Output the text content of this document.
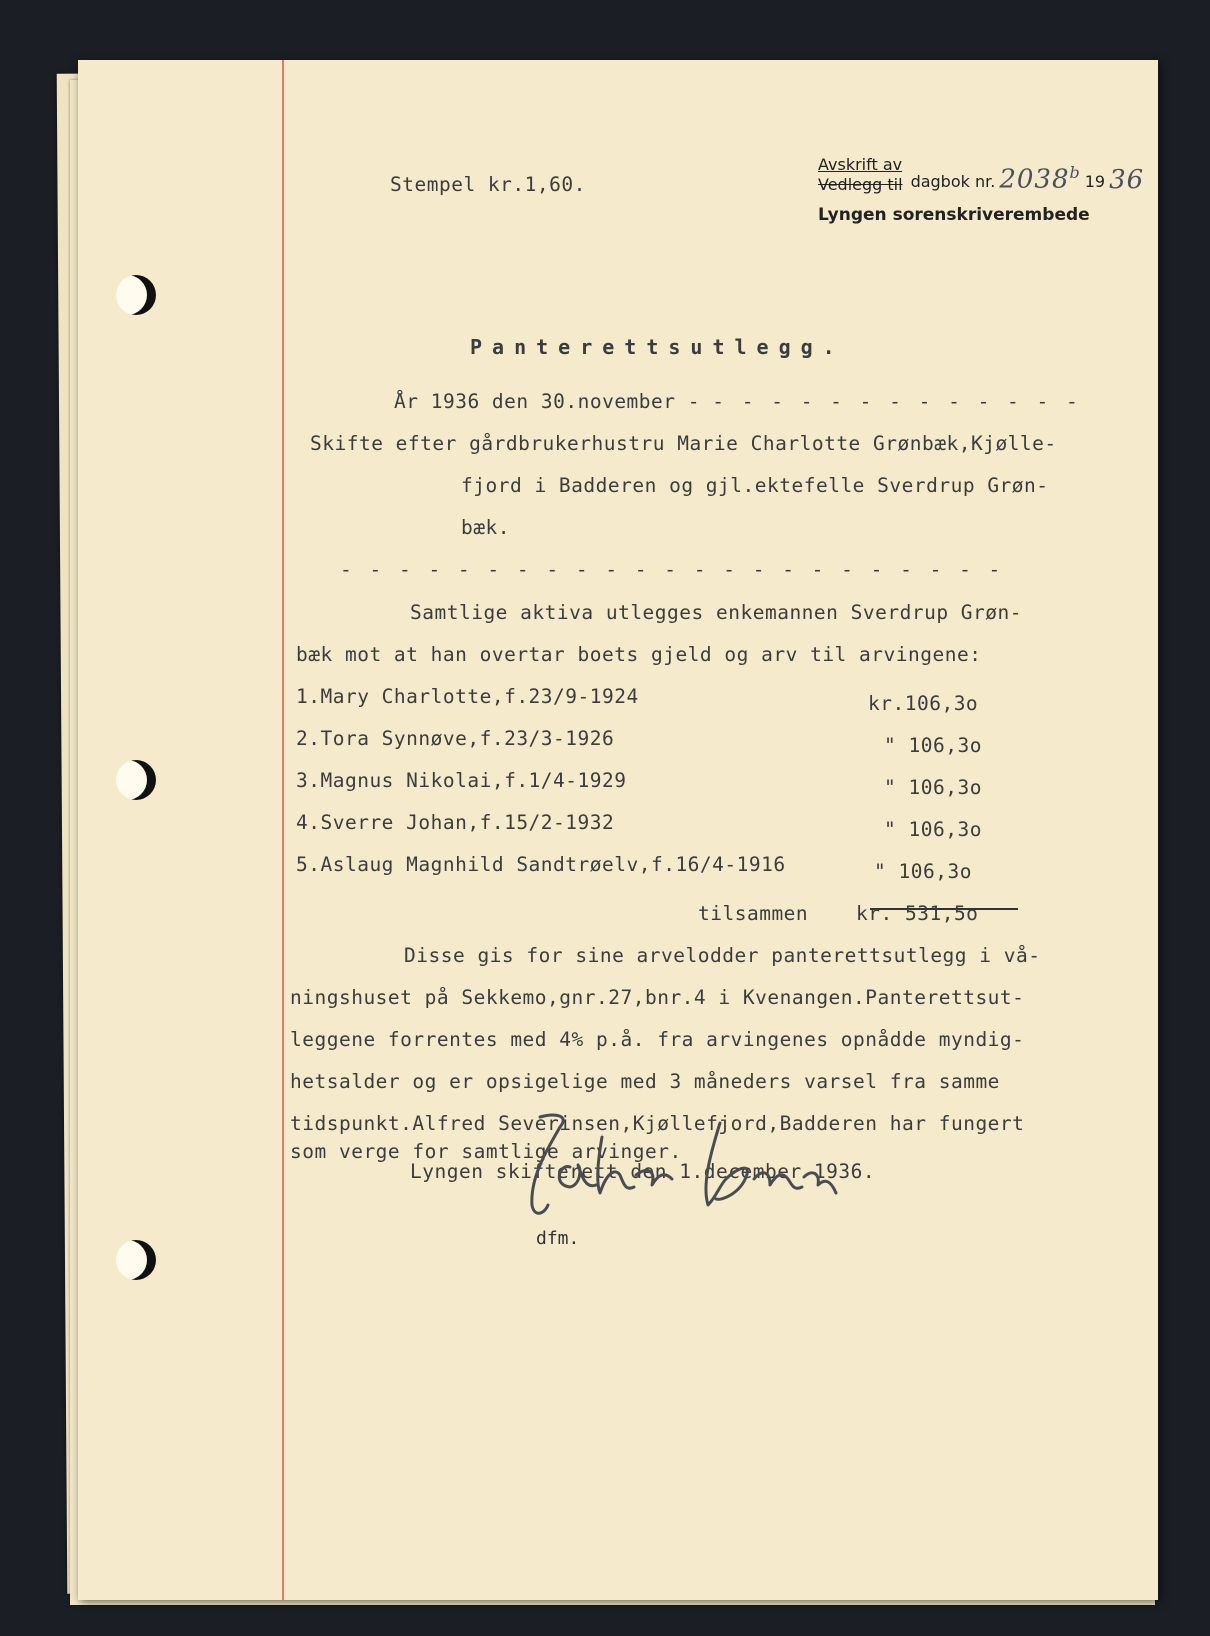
Stempel kr.1,60.
Avskrift av
Vedlegg til dagbok nr. 2038$^b$ 19 36
Lyngen sorenskriverembede
Panterettsutlegg.
År 1936 den 30.november - - - - - - - - - - - - - -
Skifte efter gårdbrukerhustru Marie Charlotte Grønbæk,Kjølle-
fjord i Badderen og gjl.ektefelle Sverdrup Grøn-
bæk.
- - - - - - - - - - - - - - - - - - - - - - -
Samtlige aktiva utlegges enkemannen Sverdrup Grøn-
bæk mot at han overtar boets gjeld og arv til arvingene:
1.Mary Charlotte,f.23/9-1924	kr.106,3o
2.Tora Synnøve,f.23/3-1926	" 106,3o
3.Magnus Nikolai,f.1/4-1929	" 106,3o
4.Sverre Johan,f.15/2-1932	" 106,3o
5.Aslaug Magnhild Sandtrøelv,f.16/4-1916	" 106,3o
tilsammen kr. 531,5o
Disse gis for sine arvelodder panterettsutlegg i vå-
ningshuset på Sekkemo,gnr.27,bnr.4 i Kvenangen.Panterettsut-
leggene forrentes med 4% p.å. fra arvingenes opnådde myndig-
hetsalder og er opsigelige med 3 måneders varsel fra samme
tidspunkt.Alfred Severinsen,Kjøllefjord,Badderen har fungert
som verge for samtlige arvinger.
Lyngen skifterett den 1.december 1936.
dfm.
